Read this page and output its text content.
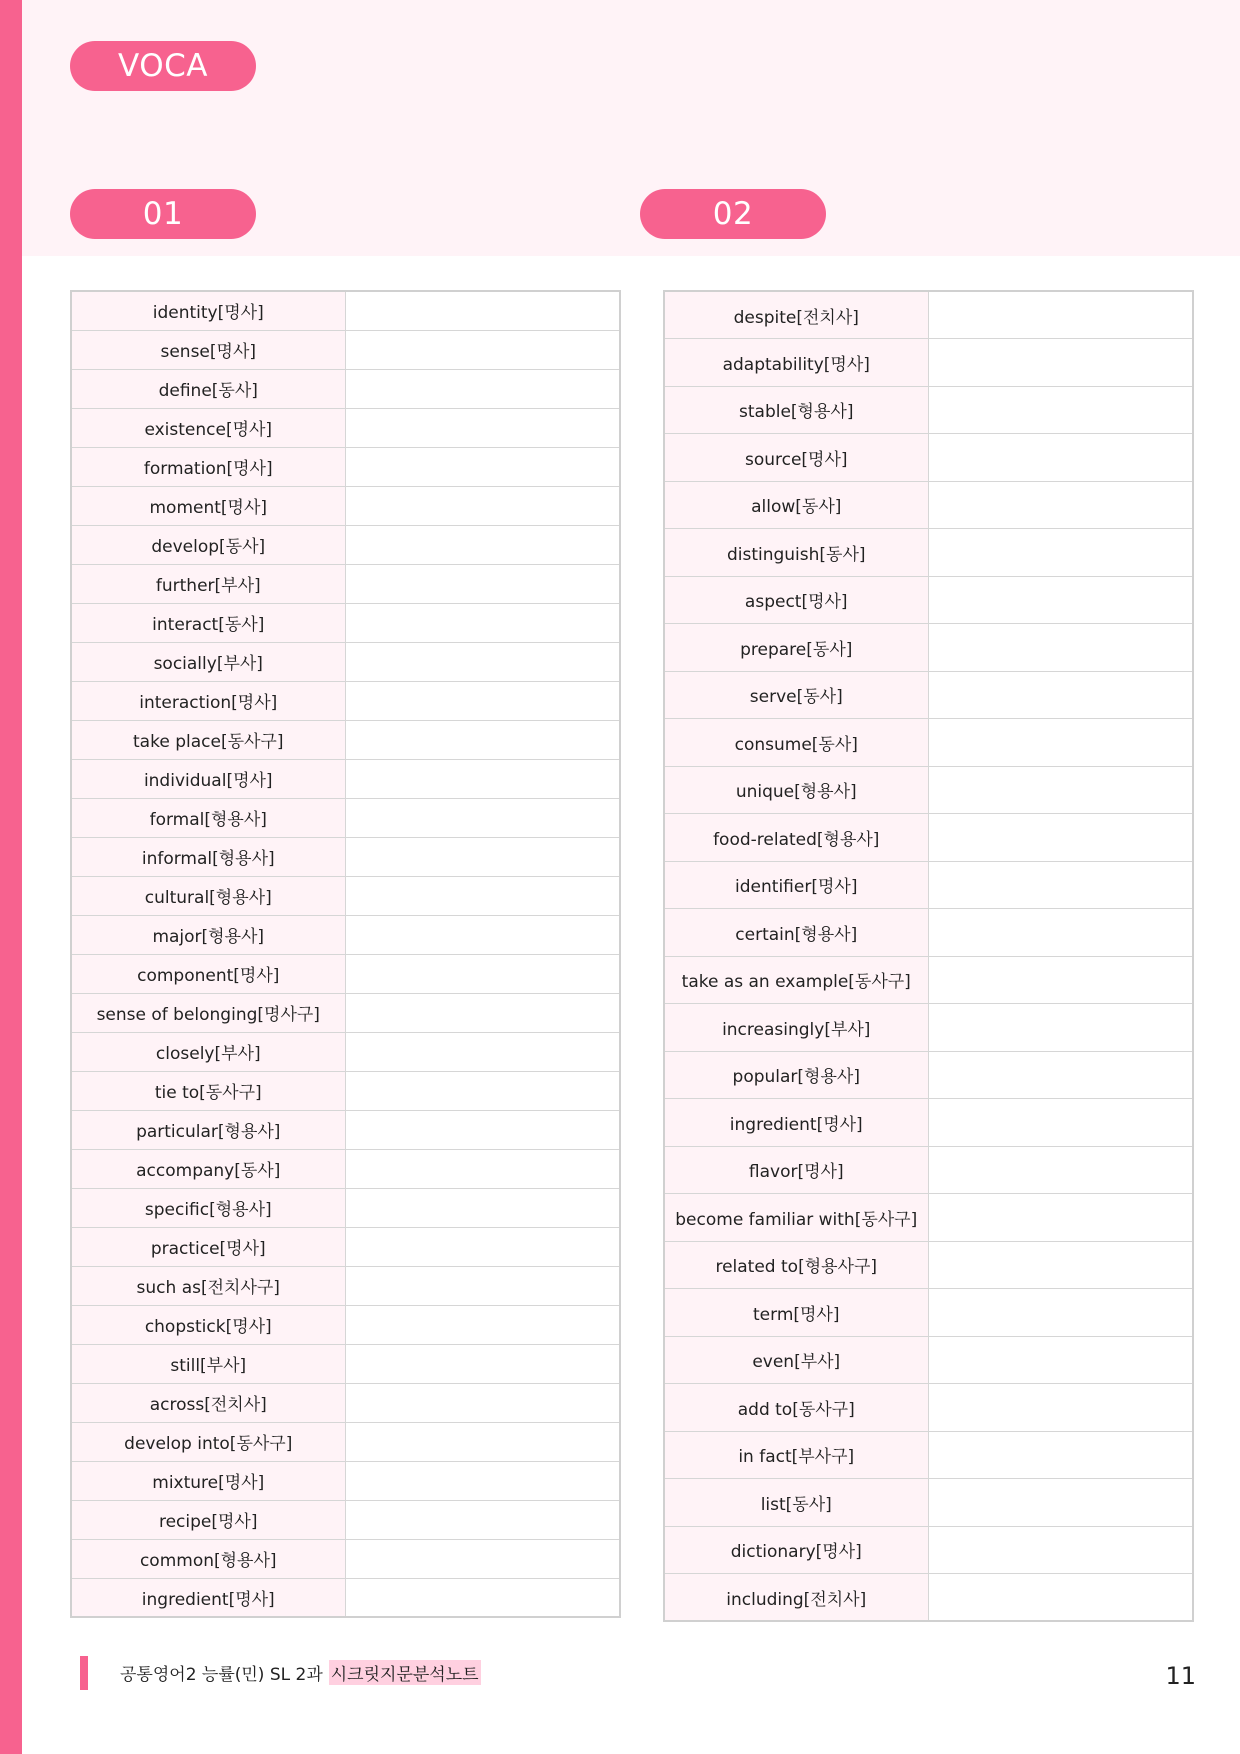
VOCA
01	02
identity[명사]	
sense[명사]	
define[동사]	
existence[명사]	
formation[명사]	
moment[명사]	
develop[동사]	
further[부사]	
interact[동사]	
socially[부사]	
interaction[명사]	
take place[동사구]	
individual[명사]	
formal[형용사]	
informal[형용사]	
cultural[형용사]	
major[형용사]	
component[명사]	
sense of belonging[명사구]	
closely[부사]	
tie to[동사구]	
particular[형용사]	
accompany[동사]	
specific[형용사]	
practice[명사]	
such as[전치사구]	
chopstick[명사]	
still[부사]	
across[전치사]	
develop into[동사구]	
mixture[명사]	
recipe[명사]	
common[형용사]	
ingredient[명사]	
despite[전치사]	
adaptability[명사]	
stable[형용사]	
source[명사]	
allow[동사]	
distinguish[동사]	
aspect[명사]	
prepare[동사]	
serve[동사]	
consume[동사]	
unique[형용사]	
food-related[형용사]	
identifier[명사]	
certain[형용사]	
take as an example[동사구]	
increasingly[부사]	
popular[형용사]	
ingredient[명사]	
flavor[명사]	
become familiar with[동사구]	
related to[형용사구]	
term[명사]	
even[부사]	
add to[동사구]	
in fact[부사구]	
list[동사]	
dictionary[명사]	
including[전치사]	
공통영어2 능률(민) SL 2과 시크릿지문분석노트	11
